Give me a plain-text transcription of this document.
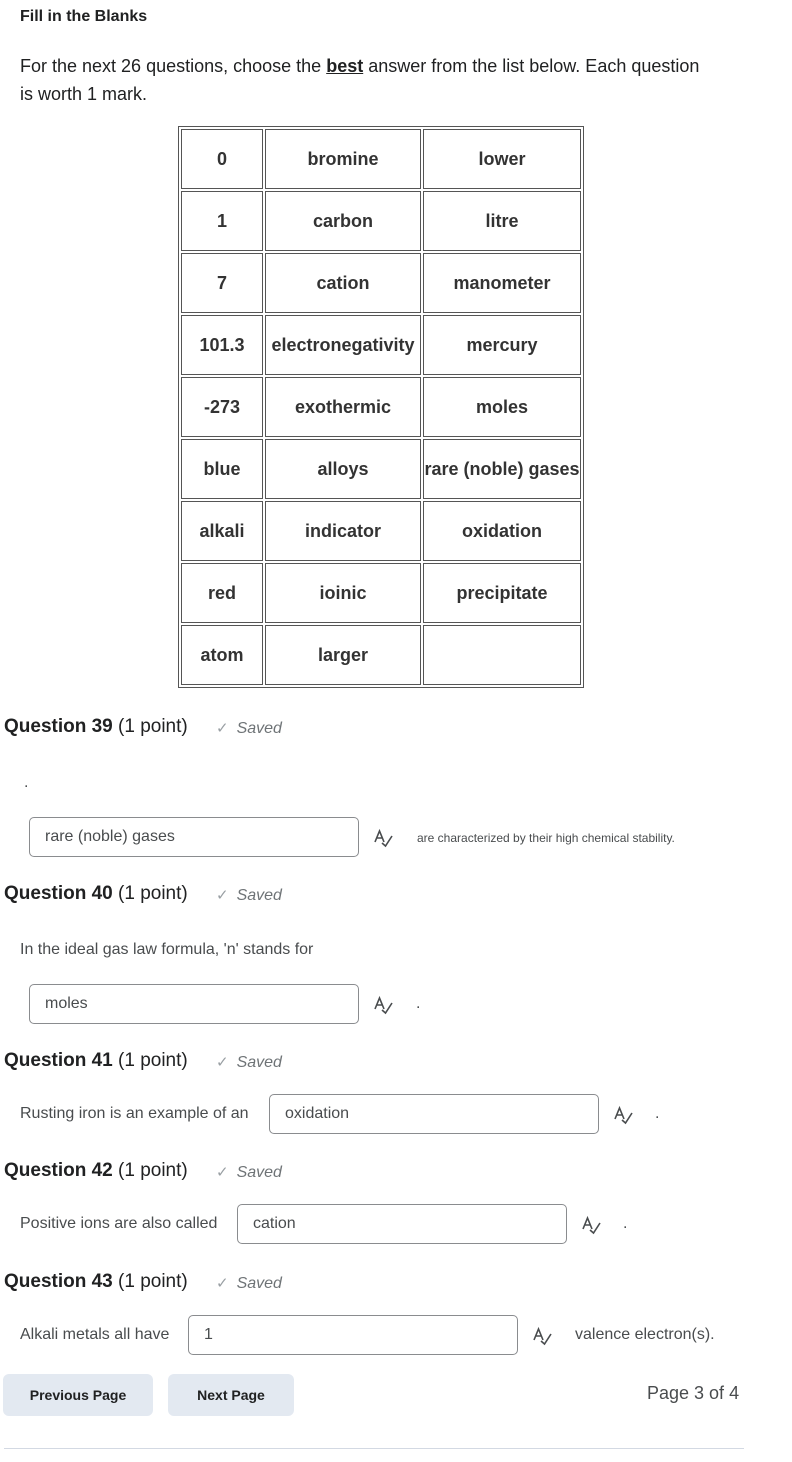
Fill in the Blanks
For the next 26 questions, choose the best answer from the list below. Each question is worth 1 mark.
0	bromine	lower
1	carbon	litre
7	cation	manometer
101.3	electronegativity	mercury
-273	exothermic	moles
blue	alloys	rare (noble) gases
alkali	indicator	oxidation
red	ioinic	precipitate
atom	larger	
Question 39 (1 point) ✓ Saved
.
rare (noble) gases
are characterized by their high chemical stability.
Question 40 (1 point) ✓ Saved
In the ideal gas law formula, 'n' stands for
moles
.
Question 41 (1 point) ✓ Saved
Rusting iron is an example of an
oxidation	.
Question 42 (1 point) ✓ Saved
Positive ions are also called
cation	.
Question 43 (1 point) ✓ Saved
Alkali metals all have
1	valence electron(s).
Previous Page	Next Page	Page 3 of 4
